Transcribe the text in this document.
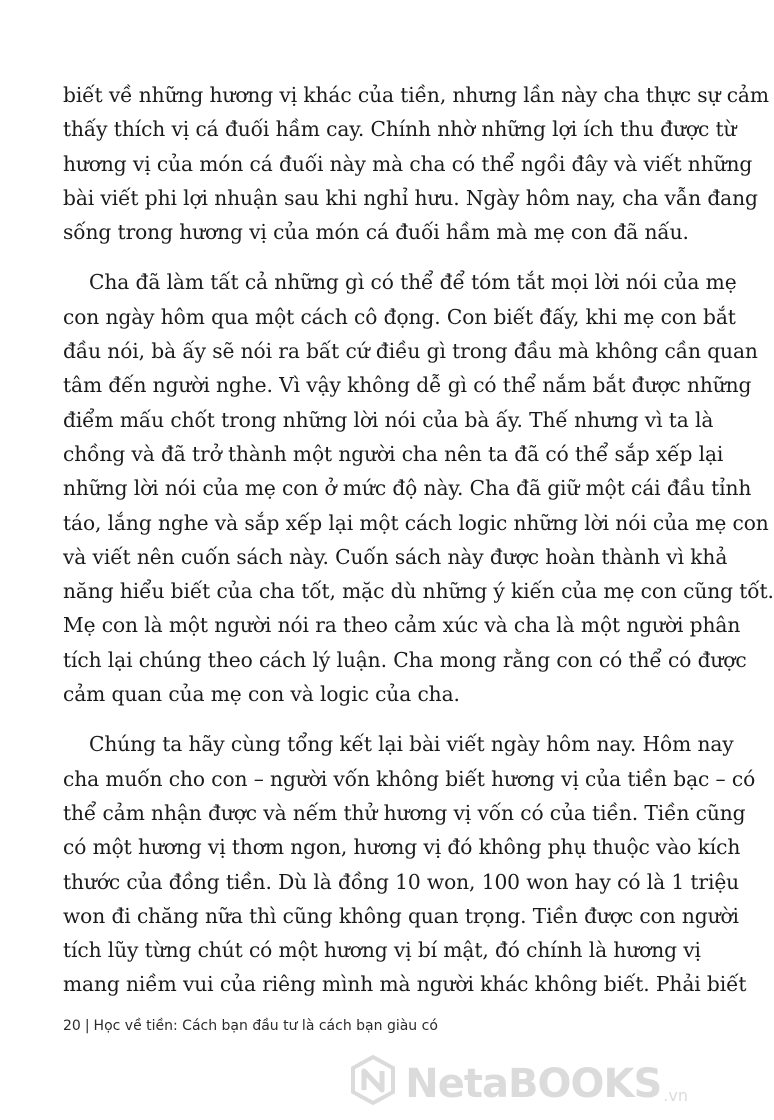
biết về những hương vị khác của tiền, nhưng lần này cha thực sự cảm
thấy thích vị cá đuối hầm cay. Chính nhờ những lợi ích thu được từ
hương vị của món cá đuối này mà cha có thể ngồi đây và viết những
bài viết phi lợi nhuận sau khi nghỉ hưu. Ngày hôm nay, cha vẫn đang
sống trong hương vị của món cá đuối hầm mà mẹ con đã nấu.
Cha đã làm tất cả những gì có thể để tóm tắt mọi lời nói của mẹ
con ngày hôm qua một cách cô đọng. Con biết đấy, khi mẹ con bắt
đầu nói, bà ấy sẽ nói ra bất cứ điều gì trong đầu mà không cần quan
tâm đến người nghe. Vì vậy không dễ gì có thể nắm bắt được những
điểm mấu chốt trong những lời nói của bà ấy. Thế nhưng vì ta là
chồng và đã trở thành một người cha nên ta đã có thể sắp xếp lại
những lời nói của mẹ con ở mức độ này. Cha đã giữ một cái đầu tỉnh
táo, lắng nghe và sắp xếp lại một cách logic những lời nói của mẹ con
và viết nên cuốn sách này. Cuốn sách này được hoàn thành vì khả
năng hiểu biết của cha tốt, mặc dù những ý kiến của mẹ con cũng tốt.
Mẹ con là một người nói ra theo cảm xúc và cha là một người phân
tích lại chúng theo cách lý luận. Cha mong rằng con có thể có được
cảm quan của mẹ con và logic của cha.
Chúng ta hãy cùng tổng kết lại bài viết ngày hôm nay. Hôm nay
cha muốn cho con – người vốn không biết hương vị của tiền bạc – có
thể cảm nhận được và nếm thử hương vị vốn có của tiền. Tiền cũng
có một hương vị thơm ngon, hương vị đó không phụ thuộc vào kích
thước của đồng tiền. Dù là đồng 10 won, 100 won hay có là 1 triệu
won đi chăng nữa thì cũng không quan trọng. Tiền được con người
tích lũy từng chút có một hương vị bí mật, đó chính là hương vị
mang niềm vui của riêng mình mà người khác không biết. Phải biết
20 | Học về tiền: Cách bạn đầu tư là cách bạn giàu có
NetaBOOKS .vn
